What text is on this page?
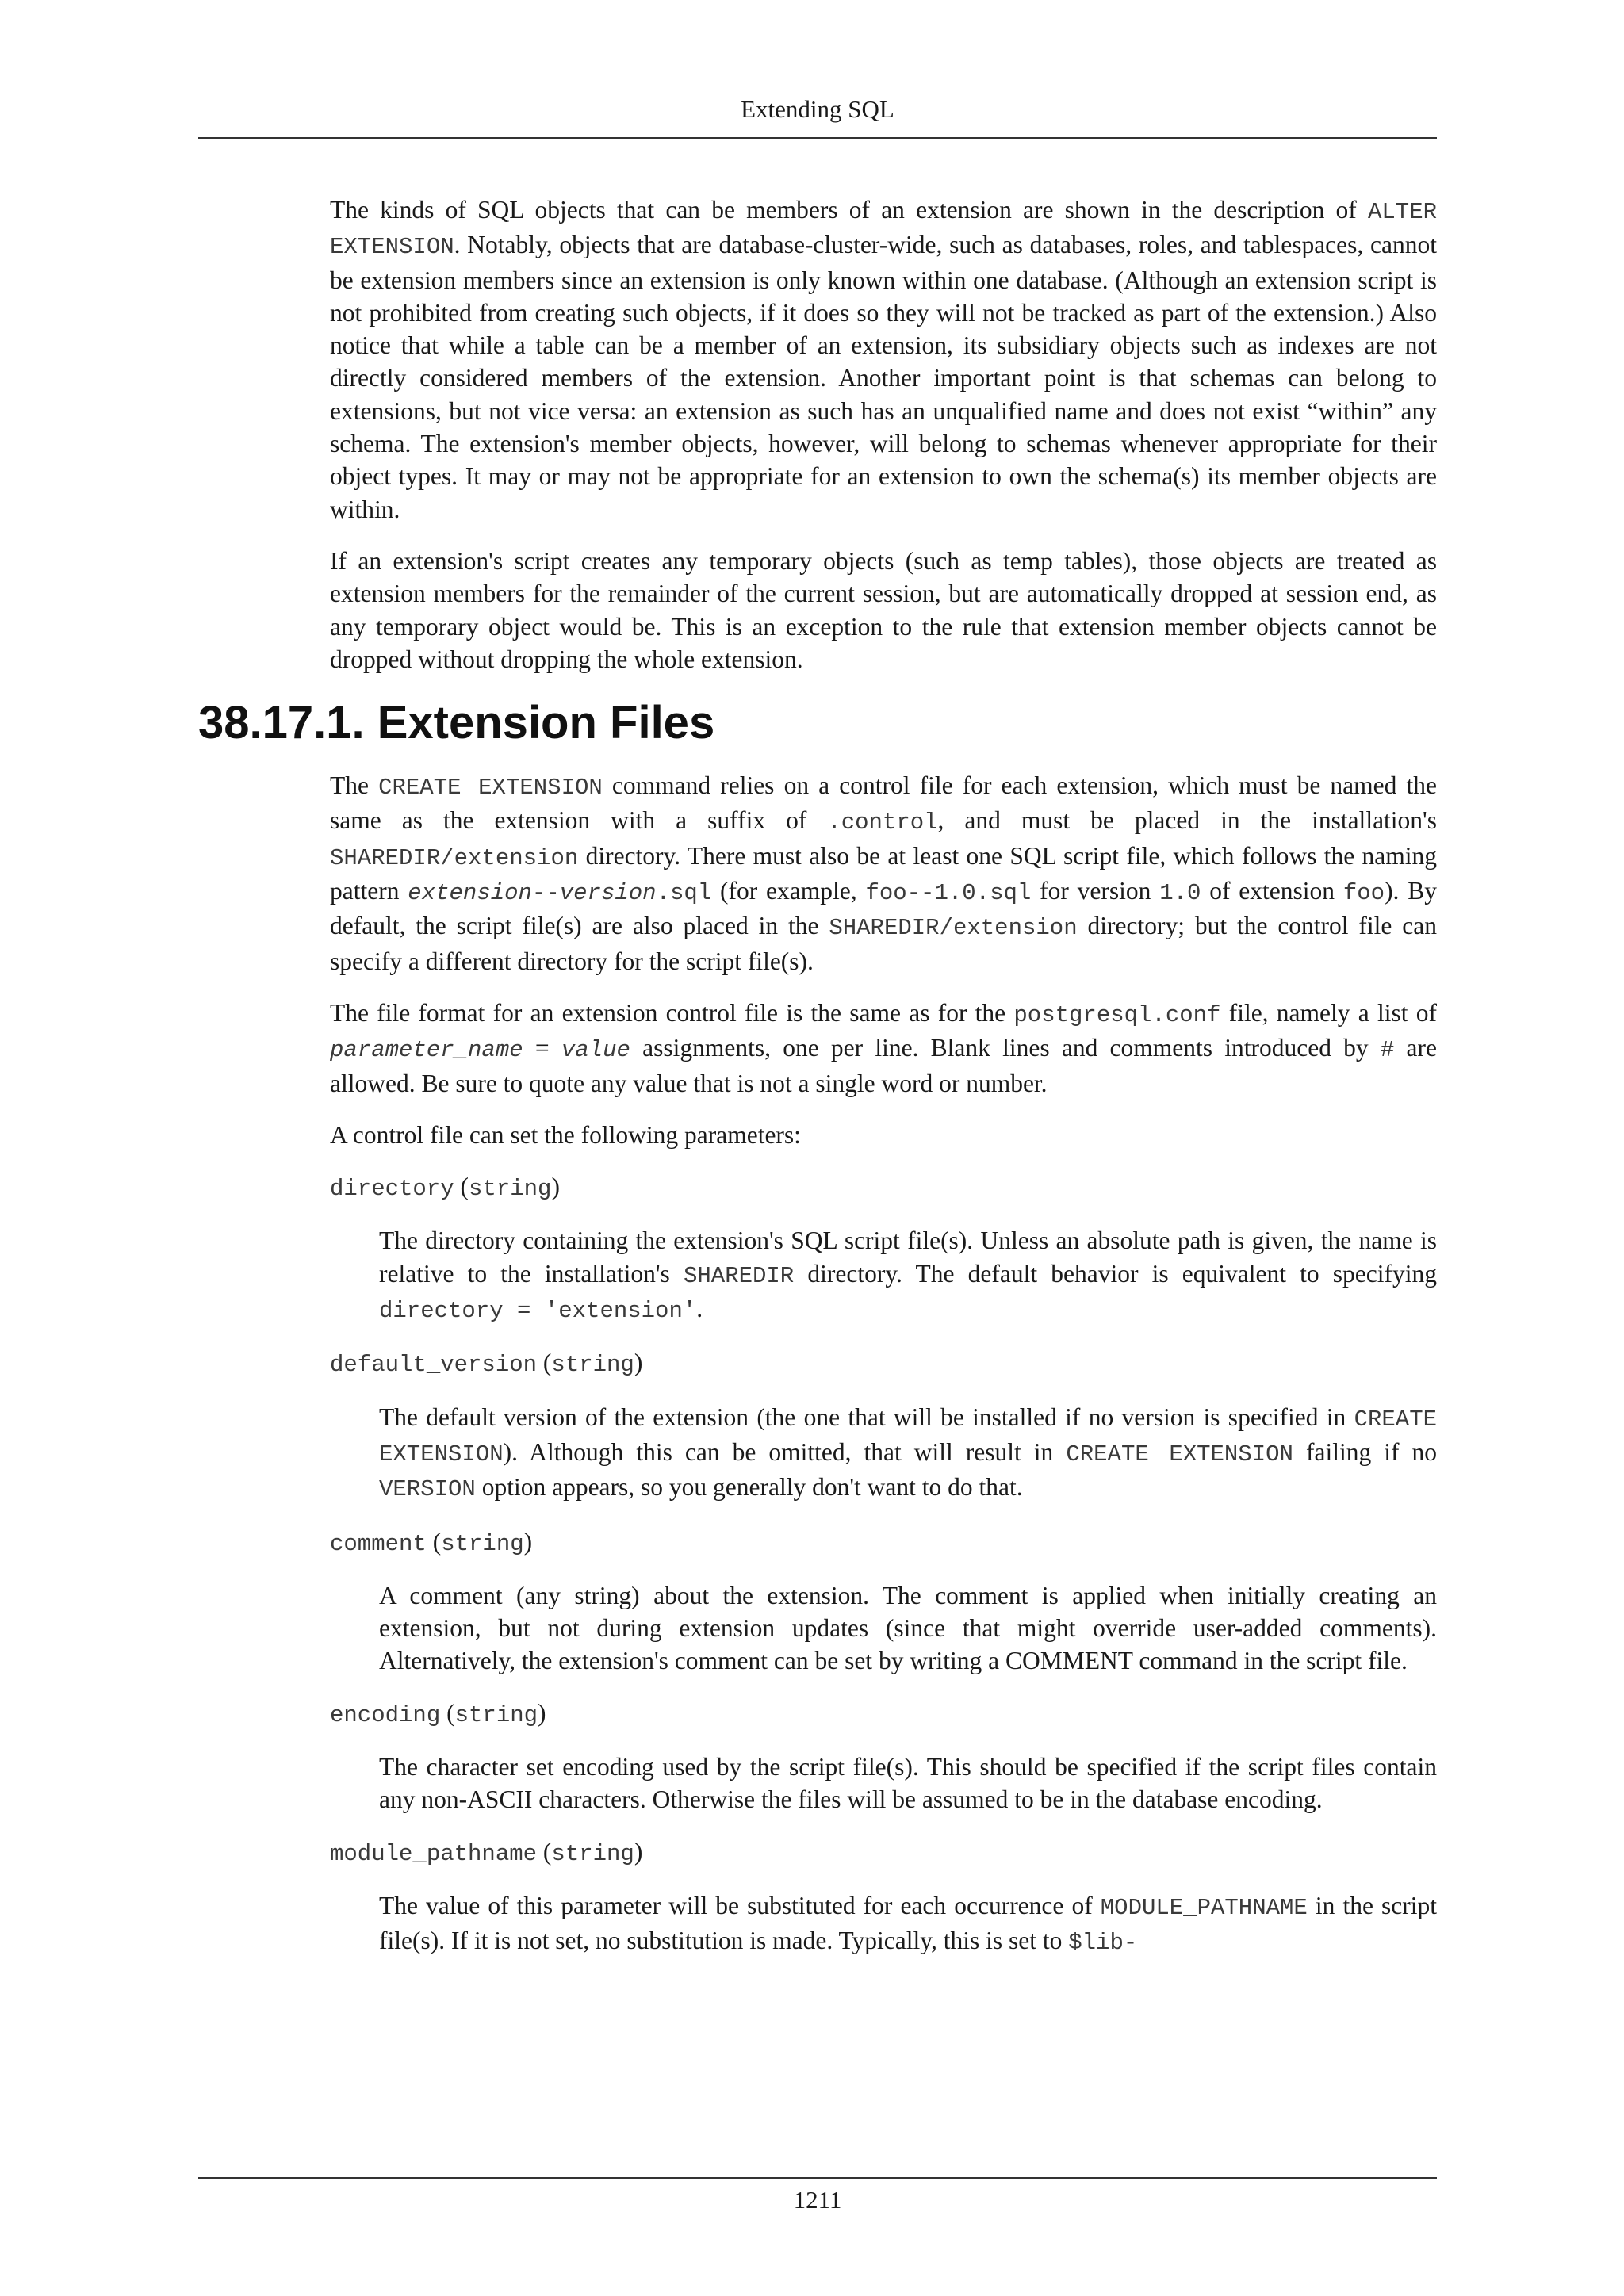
Extending SQL

The kinds of SQL objects that can be members of an extension are shown in the description of ALTER EXTENSION. Notably, objects that are database-cluster-wide, such as databases, roles, and tablespaces, cannot be extension members since an extension is only known within one database. (Although an extension script is not prohibited from creating such objects, if it does so they will not be tracked as part of the extension.) Also notice that while a table can be a member of an extension, its subsidiary objects such as indexes are not directly considered members of the extension. Another important point is that schemas can belong to extensions, but not vice versa: an extension as such has an unqualified name and does not exist “within” any schema. The extension's member objects, however, will belong to schemas whenever appropriate for their object types. It may or may not be appropriate for an extension to own the schema(s) its member objects are within.

If an extension's script creates any temporary objects (such as temp tables), those objects are treated as extension members for the remainder of the current session, but are automatically dropped at session end, as any temporary object would be. This is an exception to the rule that extension member objects cannot be dropped without dropping the whole extension.

38.17.1. Extension Files

The CREATE EXTENSION command relies on a control file for each extension, which must be named the same as the extension with a suffix of .control, and must be placed in the installation's SHAREDIR/extension directory. There must also be at least one SQL script file, which follows the naming pattern extension--version.sql (for example, foo--1.0.sql for version 1.0 of extension foo). By default, the script file(s) are also placed in the SHAREDIR/extension directory; but the control file can specify a different directory for the script file(s).

The file format for an extension control file is the same as for the postgresql.conf file, namely a list of parameter_name = value assignments, one per line. Blank lines and comments introduced by # are allowed. Be sure to quote any value that is not a single word or number.

A control file can set the following parameters:

directory (string)
The directory containing the extension's SQL script file(s). Unless an absolute path is given, the name is relative to the installation's SHAREDIR directory. The default behavior is equivalent to specifying directory = 'extension'.
default_version (string)
The default version of the extension (the one that will be installed if no version is specified in CREATE EXTENSION). Although this can be omitted, that will result in CREATE EXTENSION failing if no VERSION option appears, so you generally don't want to do that.
comment (string)
A comment (any string) about the extension. The comment is applied when initially creating an extension, but not during extension updates (since that might override user-added comments). Alternatively, the extension's comment can be set by writing a COMMENT command in the script file.
encoding (string)
The character set encoding used by the script file(s). This should be specified if the script files contain any non-ASCII characters. Otherwise the files will be assumed to be in the database encoding.
module_pathname (string)
The value of this parameter will be substituted for each occurrence of MODULE_PATHNAME in the script file(s). If it is not set, no substitution is made. Typically, this is set to $lib-
1211
